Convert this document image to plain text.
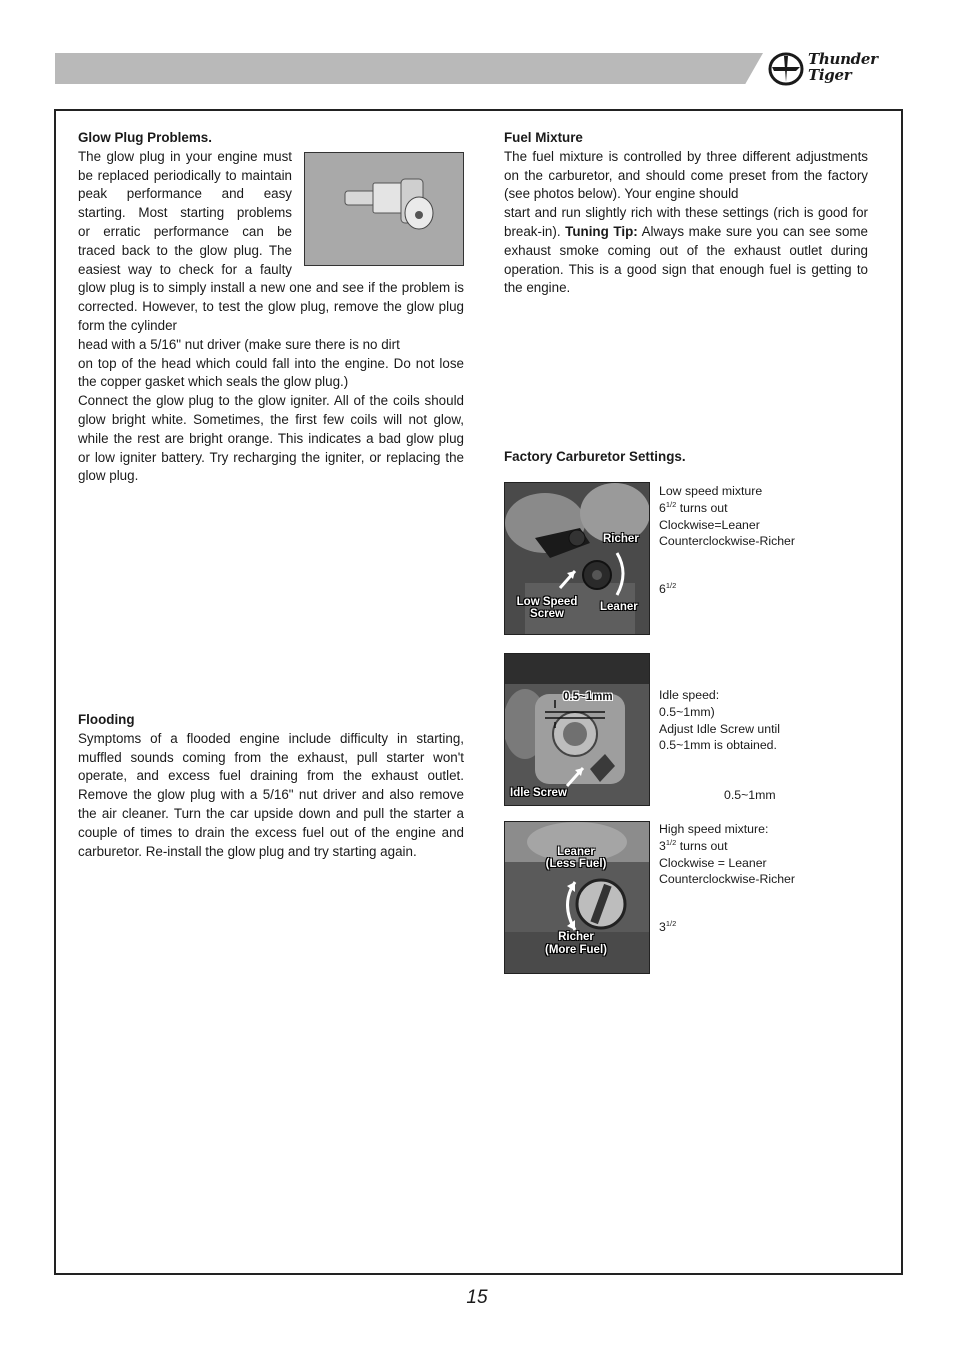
Thunder
Tiger
Glow Plug Problems.
The glow plug in your engine must
be replaced periodically to maintain
peak performance and easy
starting. Most starting problems
or erratic performance can be
traced back to the glow plug. The
easiest way to check for a faulty

glow plug is to simply install a new one and see if the problem is corrected. However, to test the glow plug, remove the glow plug form the cylinder

head with a 5/16" nut driver (make sure there is no dirt

on top of the head which could fall into the engine. Do not lose the copper gasket which seals the glow plug.)

Connect the glow plug to the glow igniter. All of the coils should glow bright white. Sometimes, the first few coils will not glow, while the rest are bright orange. This indicates a bad glow plug or low igniter battery. Try recharging the igniter, or replacing the glow plug.

Flooding

Symptoms of a flooded engine include difficulty in starting, muffled sounds coming from the exhaust, pull starter won't operate, and excess fuel draining from the exhaust outlet. Remove the glow plug with a 5/16" nut driver and also remove the air cleaner. Turn the car upside down and pull the starter a couple of times to drain the excess fuel out of the engine and carburetor. Re-install the glow plug and try starting again.

Fuel Mixture

The fuel mixture is controlled by three different adjustments on the carburetor, and should come preset from the factory (see photos below). Your engine should

start and run slightly rich with these settings (rich is good for break-in). Tuning Tip: Always make sure you can see some exhaust smoke coming out of the exhaust outlet during operation. This is a good sign that enough fuel is getting to the engine.

Factory Carburetor Settings.
Richer
Low Speed
Screw
Leaner
Low speed mixture
$6^{1/2}$ turns out
Clockwise=Leaner
Counterclockwise-Richer
$6^{1/2}$
0.5~1mm
Idle Screw
Idle speed:
0.5~1mm)
Adjust Idle Screw until
0.5~1mm is obtained.
0.5~1mm
Leaner
(Less Fuel)
Richer
(More Fuel)
High speed mixture:
$3^{1/2}$ turns out
Clockwise = Leaner
Counterclockwise-Richer
$3^{1/2}$
15
